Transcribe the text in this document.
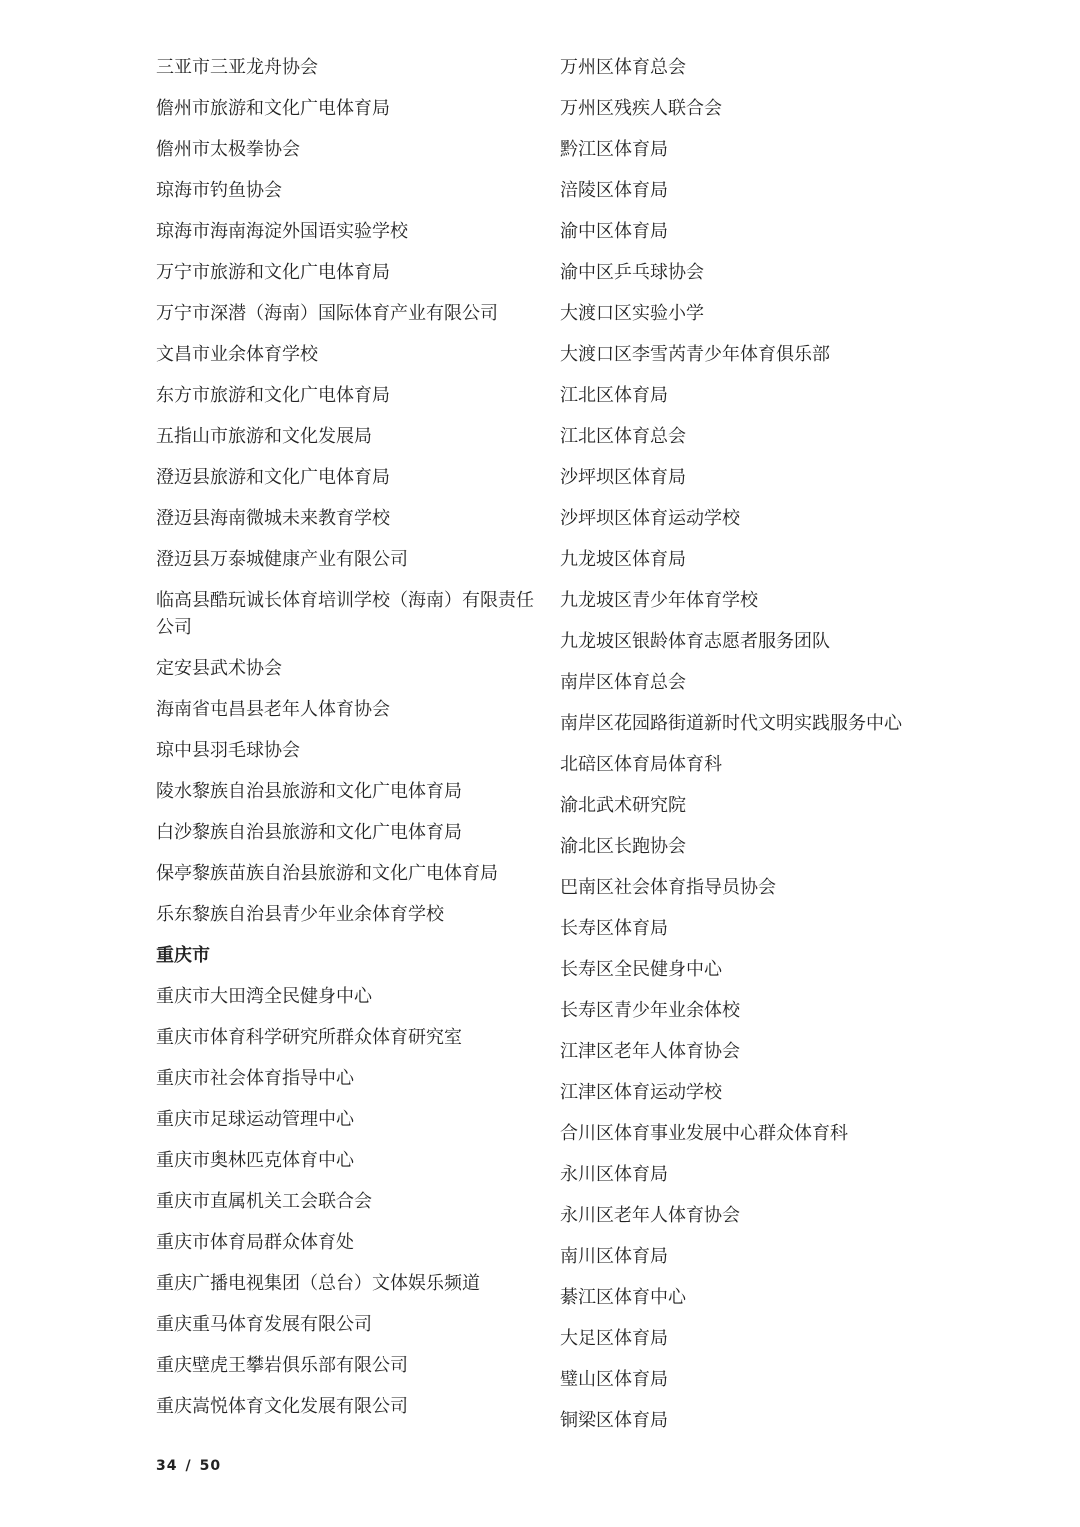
三亚市三亚龙舟协会
儋州市旅游和文化广电体育局
儋州市太极拳协会
琼海市钓鱼协会
琼海市海南海淀外国语实验学校
万宁市旅游和文化广电体育局
万宁市深潜（海南）国际体育产业有限公司
文昌市业余体育学校
东方市旅游和文化广电体育局
五指山市旅游和文化发展局
澄迈县旅游和文化广电体育局
澄迈县海南微城未来教育学校
澄迈县万泰城健康产业有限公司
临高县酷玩诚长体育培训学校（海南）有限责任公司
定安县武术协会
海南省屯昌县老年人体育协会
琼中县羽毛球协会
陵水黎族自治县旅游和文化广电体育局
白沙黎族自治县旅游和文化广电体育局
保亭黎族苗族自治县旅游和文化广电体育局
乐东黎族自治县青少年业余体育学校
重庆市
重庆市大田湾全民健身中心
重庆市体育科学研究所群众体育研究室
重庆市社会体育指导中心
重庆市足球运动管理中心
重庆市奥林匹克体育中心
重庆市直属机关工会联合会
重庆市体育局群众体育处
重庆广播电视集团（总台）文体娱乐频道
重庆重马体育发展有限公司
重庆壁虎王攀岩俱乐部有限公司
重庆嵩悦体育文化发展有限公司
万州区体育总会
万州区残疾人联合会
黔江区体育局
涪陵区体育局
渝中区体育局
渝中区乒乓球协会
大渡口区实验小学
大渡口区李雪芮青少年体育俱乐部
江北区体育局
江北区体育总会
沙坪坝区体育局
沙坪坝区体育运动学校
九龙坡区体育局
九龙坡区青少年体育学校
九龙坡区银龄体育志愿者服务团队
南岸区体育总会
南岸区花园路街道新时代文明实践服务中心
北碚区体育局体育科
渝北武术研究院
渝北区长跑协会
巴南区社会体育指导员协会
长寿区体育局
长寿区全民健身中心
长寿区青少年业余体校
江津区老年人体育协会
江津区体育运动学校
合川区体育事业发展中心群众体育科
永川区体育局
永川区老年人体育协会
南川区体育局
綦江区体育中心
大足区体育局
璧山区体育局
铜梁区体育局
34 / 50
